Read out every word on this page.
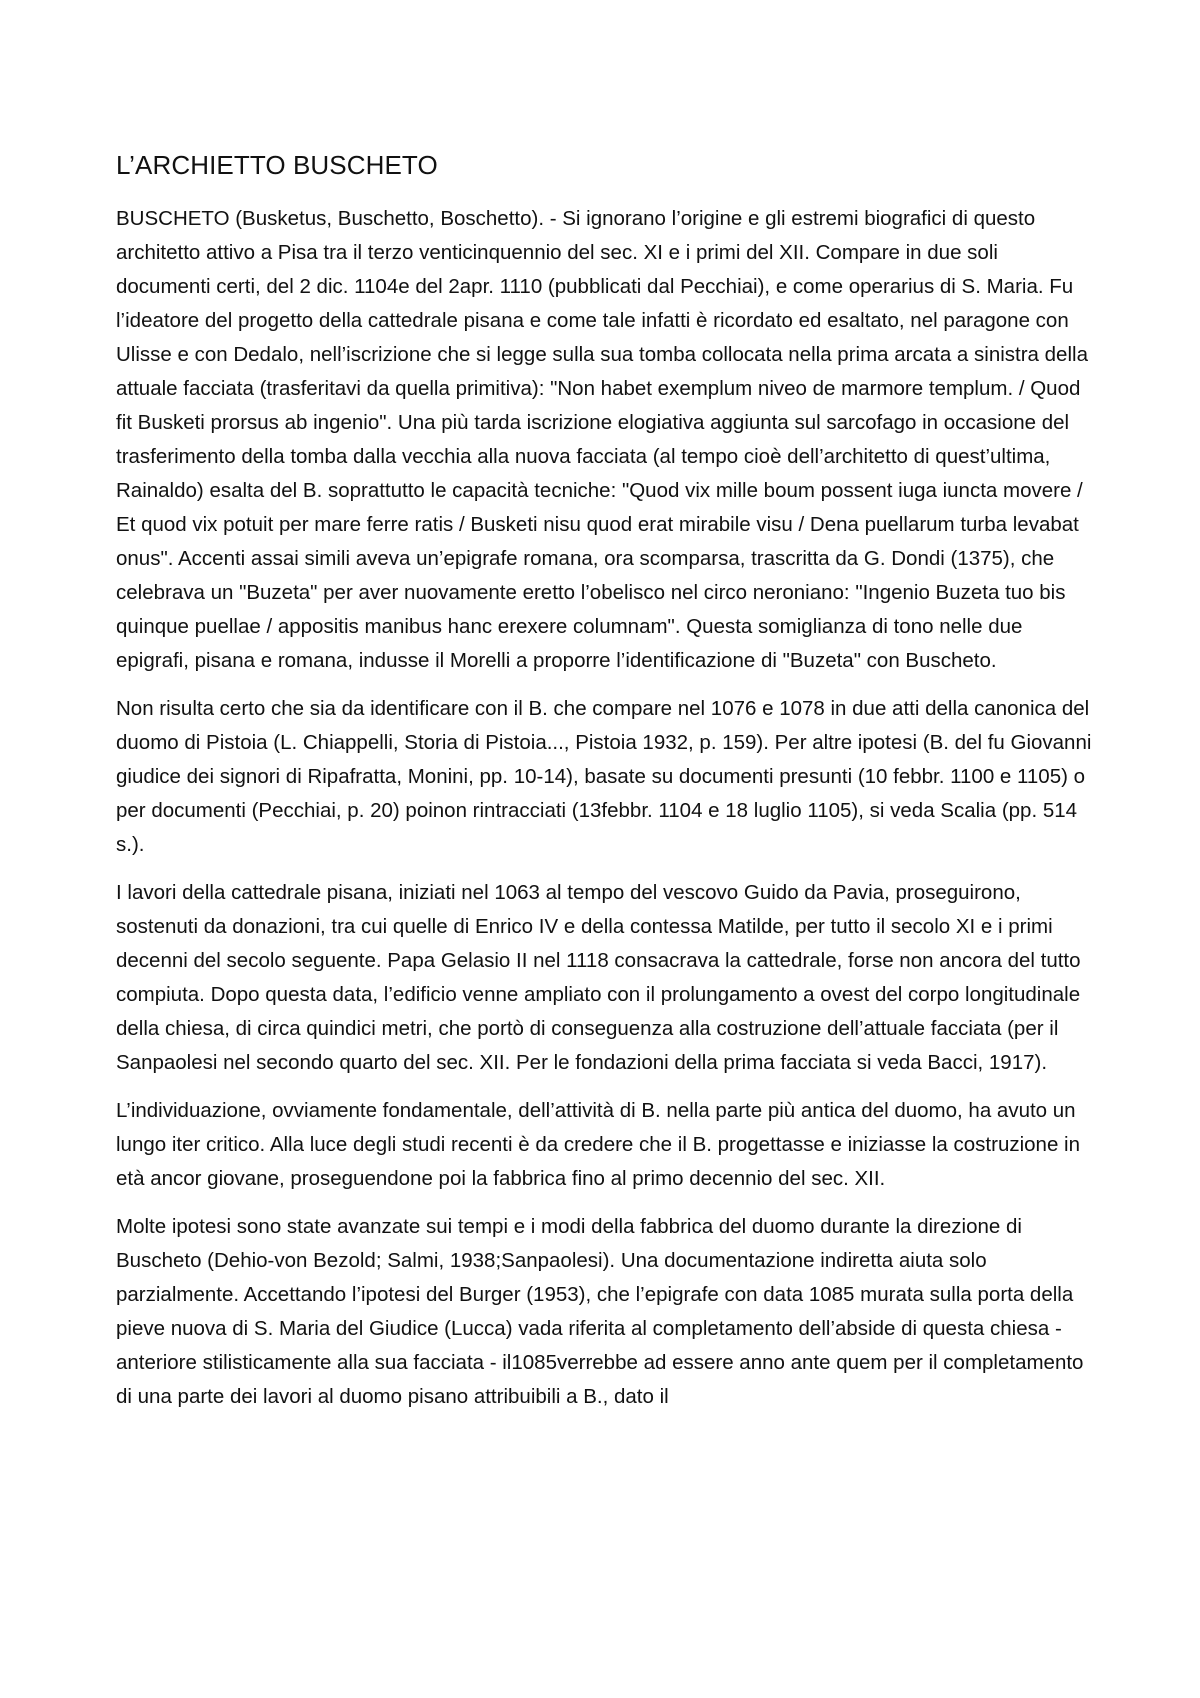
L’ARCHIETTO BUSCHETO

BUSCHETO (Busketus, Buschetto, Boschetto). - Si ignorano l’origine e gli estremi biografici di questo architetto attivo a Pisa tra il terzo venticinquennio del sec. XI e i primi del XII. Compare in due soli documenti certi, del 2 dic. 1104e del 2apr. 1110 (pubblicati dal Pecchiai), e come operarius di S. Maria. Fu l’ideatore del progetto della cattedrale pisana e come tale infatti è ricordato ed esaltato, nel paragone con Ulisse e con Dedalo, nell’iscrizione che si legge sulla sua tomba collocata nella prima arcata a sinistra della attuale facciata (trasferitavi da quella primitiva): "Non habet exemplum niveo de marmore templum. / Quod fit Busketi prorsus ab ingenio". Una più tarda iscrizione elogiativa aggiunta sul sarcofago in occasione del trasferimento della tomba dalla vecchia alla nuova facciata (al tempo cioè dell’architetto di quest’ultima, Rainaldo) esalta del B. soprattutto le capacità tecniche: "Quod vix mille boum possent iuga iuncta movere / Et quod vix potuit per mare ferre ratis / Busketi nisu quod erat mirabile visu / Dena puellarum turba levabat onus". Accenti assai simili aveva un’epigrafe romana, ora scomparsa, trascritta da G. Dondi (1375), che celebrava un "Buzeta" per aver nuovamente eretto l’obelisco nel circo neroniano: "Ingenio Buzeta tuo bis quinque puellae / appositis manibus hanc erexere columnam". Questa somiglianza di tono nelle due epigrafi, pisana e romana, indusse il Morelli a proporre l’identificazione di "Buzeta" con Buscheto.

Non risulta certo che sia da identificare con il B. che compare nel 1076 e 1078 in due atti della canonica del duomo di Pistoia (L. Chiappelli, Storia di Pistoia..., Pistoia 1932, p. 159). Per altre ipotesi (B. del fu Giovanni giudice dei signori di Ripafratta, Monini, pp. 10-14), basate su documenti presunti (10 febbr. 1100 e 1105) o per documenti (Pecchiai, p. 20) poinon rintracciati (13febbr. 1104 e 18 luglio 1105), si veda Scalia (pp. 514 s.).

I lavori della cattedrale pisana, iniziati nel 1063 al tempo del vescovo Guido da Pavia, proseguirono, sostenuti da donazioni, tra cui quelle di Enrico IV e della contessa Matilde, per tutto il secolo XI e i primi decenni del secolo seguente. Papa Gelasio II nel 1118 consacrava la cattedrale, forse non ancora del tutto compiuta. Dopo questa data, l’edificio venne ampliato con il prolungamento a ovest del corpo longitudinale della chiesa, di circa quindici metri, che portò di conseguenza alla costruzione dell’attuale facciata (per il Sanpaolesi nel secondo quarto del sec. XII. Per le fondazioni della prima facciata si veda Bacci, 1917).

L’individuazione, ovviamente fondamentale, dell’attività di B. nella parte più antica del duomo, ha avuto un lungo iter critico. Alla luce degli studi recenti è da credere che il B. progettasse e iniziasse la costruzione in età ancor giovane, proseguendone poi la fabbrica fino al primo decennio del sec. XII.

Molte ipotesi sono state avanzate sui tempi e i modi della fabbrica del duomo durante la direzione di Buscheto (Dehio-von Bezold; Salmi, 1938;Sanpaolesi). Una documentazione indiretta aiuta solo parzialmente. Accettando l’ipotesi del Burger (1953), che l’epigrafe con data 1085 murata sulla porta della pieve nuova di S. Maria del Giudice (Lucca) vada riferita al completamento dell’abside di questa chiesa - anteriore stilisticamente alla sua facciata - il1085verrebbe ad essere anno ante quem per il completamento di una parte dei lavori al duomo pisano attribuibili a B., dato il
